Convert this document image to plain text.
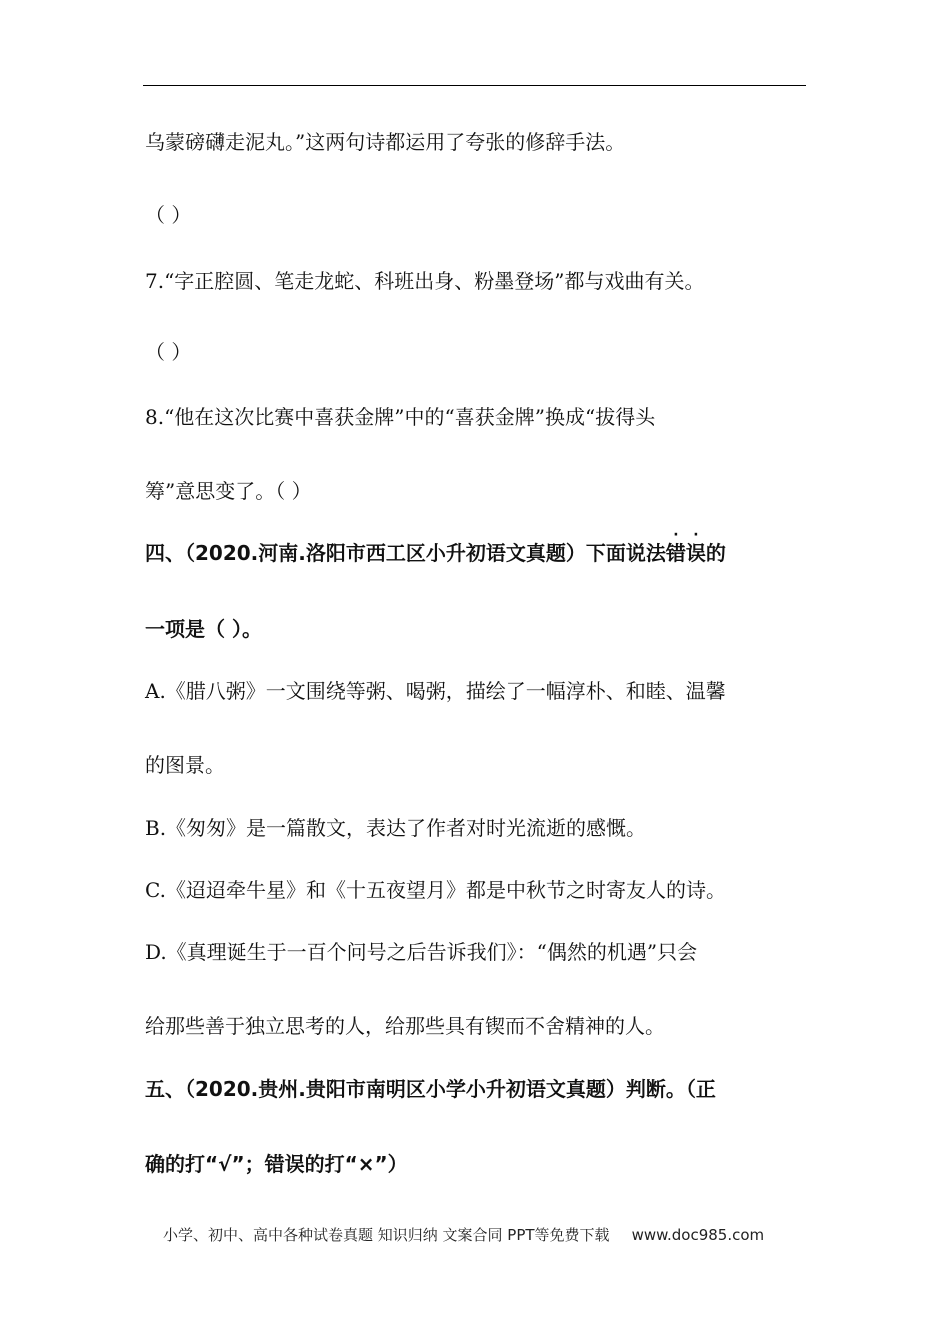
乌蒙磅礴走泥丸。”这两句诗都运用了夸张的修辞手法。
（ ）
7.“字正腔圆、笔走龙蛇、科班出身、粉墨登场”都与戏曲有关。
（ ）
8.“他在这次比赛中喜获金牌”中的“喜获金牌”换成“拔得头
筹”意思变了。（ ）
四、（2020.河南.洛阳市西工区小升初语文真题）下面说法
·
错
·
误的
一项是（ ）。
A.《腊八粥》一文围绕等粥、喝粥，描绘了一幅淳朴、和睦、温馨
的图景。
B.《匆匆》是一篇散文，表达了作者对时光流逝的感慨。
C.《迢迢牵牛星》和《十五夜望月》都是中秋节之时寄友人的诗。
D.《真理诞生于一百个问号之后告诉我们》：“偶然的机遇”只会
给那些善于独立思考的人，给那些具有锲而不舍精神的人。
五、（2020.贵州.贵阳市南明区小学小升初语文真题）判断。（正
确的打“√”；错误的打“×”）
小学、初中、高中各种试卷真题 知识归纳 文案合同 PPT等免费下载 www.doc985.com
